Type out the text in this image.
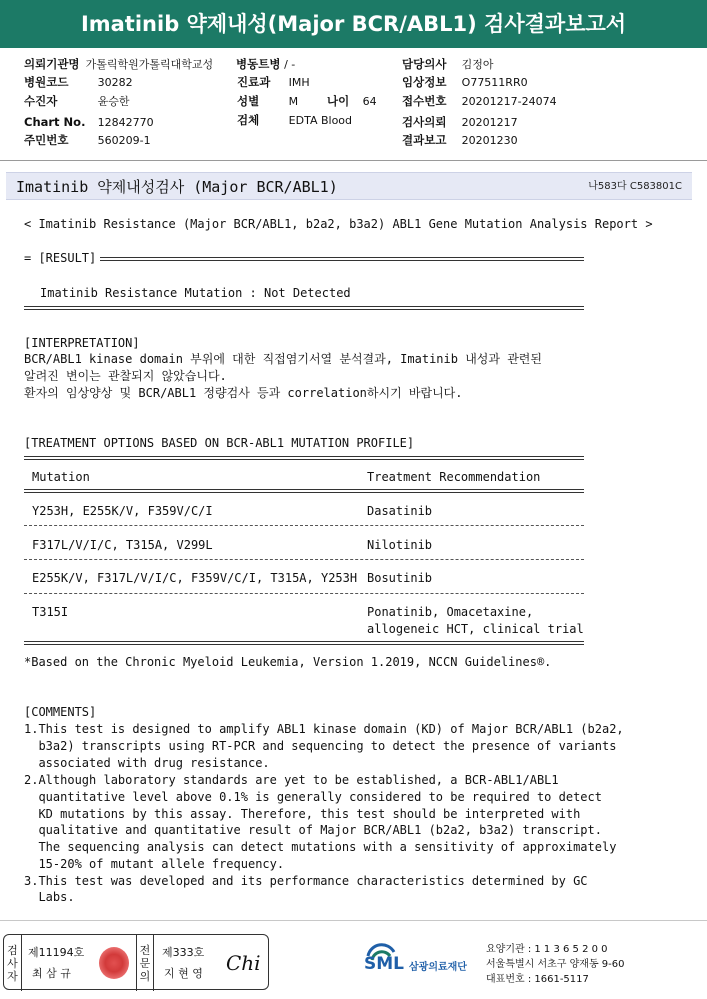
Imatinib 약제내성(Major BCR/ABL1) 검사결과보고서
의뢰기관명 가톨릭학원가톨릭대학교성 병동트병 / -	담당의사 김정아
병원코드	30282	진료과 IMH	임상정보 O77511RR0
수진자	윤승한	성별	M	나이 64 접수번호 20201217-24074
Chart No. 12842770	검체	EDTA Blood	검사의뢰 20201217
주민번호	560209-1	결과보고 20201230
Imatinib 약제내성검사 (Major BCR/ABL1)	나583다 C583801C
< Imatinib Resistance (Major BCR/ABL1, b2a2, b3a2) ABL1 Gene Mutation Analysis Report >
= [RESULT]
Imatinib Resistance Mutation : Not Detected
[INTERPRETATION]
BCR/ABL1 kinase domain 부위에 대한 직접염기서열 분석결과, Imatinib 내성과 관련된
알려진 변이는 관찰되지 않았습니다.
환자의 임상양상 및 BCR/ABL1 정량검사 등과 correlation하시기 바랍니다.
[TREATMENT OPTIONS BASED ON BCR-ABL1 MUTATION PROFILE]
Mutation	Treatment Recommendation
Y253H, E255K/V, F359V/C/I	Dasatinib
F317L/V/I/C, T315A, V299L	Nilotinib
E255K/V, F317L/V/I/C, F359V/C/I, T315A, Y253H Bosutinib
T315I	Ponatinib, Omacetaxine,
allogeneic HCT, clinical trial
*Based on the Chronic Myeloid Leukemia, Version 1.2019, NCCN Guidelines®.
[COMMENTS]
1.This test is designed to amplify ABL1 kinase domain (KD) of Major BCR/ABL1 (b2a2,
b3a2) transcripts using RT-PCR and sequencing to detect the presence of variants
associated with drug resistance.
2.Although laboratory standards are yet to be established, a BCR-ABL1/ABL1
quantitative level above 0.1% is generally considered to be required to detect
KD mutations by this assay. Therefore, this test should be interpreted with
qualitative and quantitative result of Major BCR/ABL1 (b2a2, b3a2) transcript.
The sequencing analysis can detect mutations with a sensitivity of approximately
15-20% of mutant allele frequency.
3.This test was developed and its performance characteristics determined by GC
Labs.
검
사
자
제11194호
최 삼 규
전
문
의
제333호
지 현 영 Chi	SML 삼광의료재단
요양기관 : 1 1 3 6 5 2 0 0
서울특별시 서초구 양재동 9-60
대표번호 : 1661-5117
